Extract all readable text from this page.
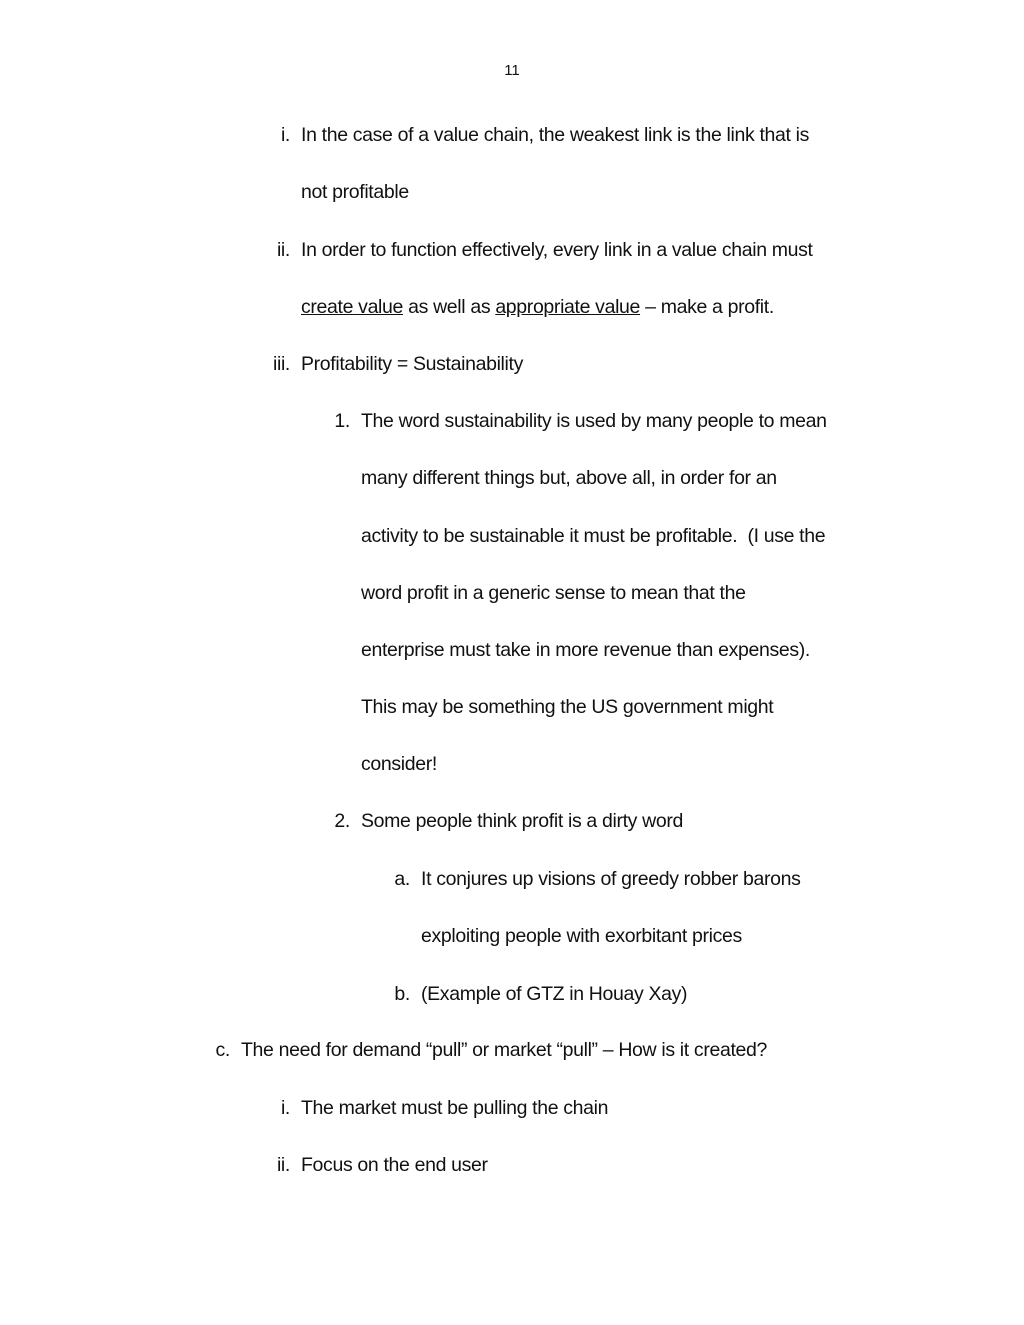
11
i. In the case of a value chain, the weakest link is the link that is
not profitable
ii. In order to function effectively, every link in a value chain must
create value as well as appropriate value – make a profit.
iii. Profitability = Sustainability
1. The word sustainability is used by many people to mean
many different things but, above all, in order for an
activity to be sustainable it must be profitable.  (I use the
word profit in a generic sense to mean that the
enterprise must take in more revenue than expenses).
This may be something the US government might
consider!
2. Some people think profit is a dirty word
a. It conjures up visions of greedy robber barons
exploiting people with exorbitant prices
b. (Example of GTZ in Houay Xay)
c. The need for demand “pull” or market “pull” – How is it created?
i. The market must be pulling the chain
ii. Focus on the end user
